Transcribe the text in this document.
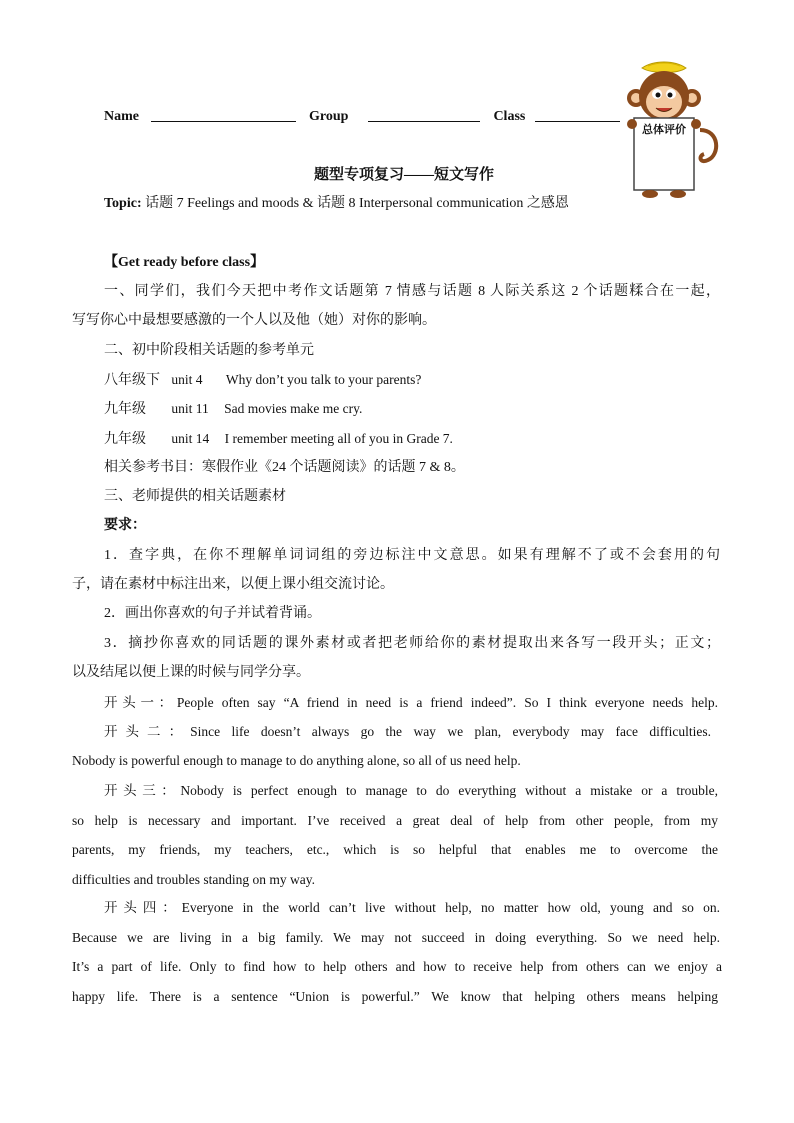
Name	Group	Class
总体评价
题型专项复习——短文写作
Topic: 话题 7 Feelings and moods & 话题 8 Interpersonal communication 之感恩
【Get ready before class】
一、同学们，我们今天把中考作文话题第 7 情感与话题 8 人际关系这 2 个话题糅合在一起，
写写你心中最想要感激的一个人以及他（她）对你的影响。
二、初中阶段相关话题的参考单元
八年级下 unit 4 Why don’t you talk to your parents?
九年级 unit 11 Sad movies make me cry.
九年级 unit 14 I remember meeting all of you in Grade 7.
相关参考书目：寒假作业《24 个话题阅读》的话题 7 & 8。
三、老师提供的相关话题素材
要求：
1．查字典，在你不理解单词词组的旁边标注中文意思。如果有理解不了或不会套用的句
子，请在素材中标注出来，以便上课小组交流讨论。
2．画出你喜欢的句子并试着背诵。
3．摘抄你喜欢的同话题的课外素材或者把老师给你的素材提取出来各写一段开头；正文；
以及结尾以便上课的时候与同学分享。
开头一：People often say “A friend in need is a friend indeed”. So I think everyone needs help.
开头二：Since life doesn’t always go the way we plan, everybody may face difficulties.
Nobody is powerful enough to manage to do anything alone, so all of us need help.
开头三：Nobody is perfect enough to manage to do everything without a mistake or a trouble,
so help is necessary and important. I’ve received a great deal of help from other people, from my
parents, my friends, my teachers, etc., which is so helpful that enables me to overcome the
difficulties and troubles standing on my way.
开头四：Everyone in the world can’t live without help, no matter how old, young and so on.
Because we are living in a big family. We may not succeed in doing everything. So we need help.
It’s a part of life. Only to find how to help others and how to receive help from others can we enjoy a
happy life. There is a sentence “Union is powerful.” We know that helping others means helping
